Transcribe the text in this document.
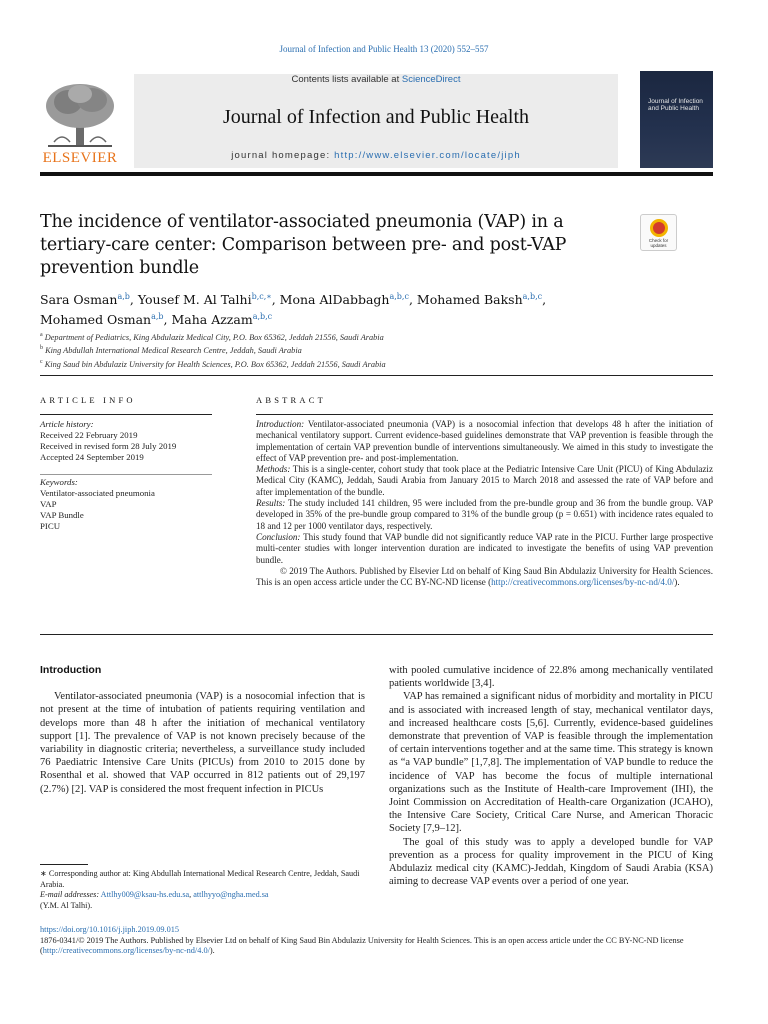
Journal of Infection and Public Health 13 (2020) 552–557
ELSEVIER
Contents lists available at ScienceDirect
Journal of Infection and Public Health
journal homepage: http://www.elsevier.com/locate/jiph
Journal of Infection and Public Health
The incidence of ventilator-associated pneumonia (VAP) in a tertiary-care center: Comparison between pre- and post-VAP prevention bundle
Check for
updates
Sara Osman$^{a,b}$, Yousef M. Al Talhi$^{b,c,∗}$, Mona AlDabbagh$^{a,b,c}$, Mohamed Baksh$^{a,b,c}$,
Mohamed Osman$^{a,b}$, Maha Azzam$^{a,b,c}$
$^a$ Department of Pediatrics, King Abdulaziz Medical City, P.O. Box 65362, Jeddah 21556, Saudi Arabia
$^b$ King Abdullah International Medical Research Centre, Jeddah, Saudi Arabia
$^c$ King Saud bin Abdulaziz University for Health Sciences, P.O. Box 65362, Jeddah 21556, Saudi Arabia
ARTICLE INFO
Article history:
Received 22 February 2019
Received in revised form 28 July 2019
Accepted 24 September 2019
Keywords:
Ventilator-associated pneumonia
VAP
VAP Bundle
PICU
ABSTRACT

Introduction: Ventilator-associated pneumonia (VAP) is a nosocomial infection that develops 48 h after the initiation of mechanical ventilatory support. Current evidence-based guidelines demonstrate that VAP prevention is feasible through the implementation of certain VAP prevention bundle of interventions simultaneously. We aimed in this study to investigate the effect of VAP prevention pre- and post-implementation.

Methods: This is a single-center, cohort study that took place at the Pediatric Intensive Care Unit (PICU) of King Abdulaziz Medical City (KAMC), Jeddah, Saudi Arabia from January 2015 to March 2018 and assessed the rate of VAP before and after implementation of the bundle.

Results: The study included 141 children, 95 were included from the pre-bundle group and 36 from the bundle group. VAP developed in 35% of the pre-bundle group compared to 31% of the bundle group (p = 0.651) with incidence rates equaled to 18 and 12 per 1000 ventilator days, respectively.

Conclusion: This study found that VAP bundle did not significantly reduce VAP rate in the PICU. Further large prospective multi-center studies with longer intervention duration are indicated to investigate the benefits of using VAP prevention bundle.

© 2019 The Authors. Published by Elsevier Ltd on behalf of King Saud Bin Abdulaziz University for Health Sciences. This is an open access article under the CC BY-NC-ND license (http://creativecommons.org/licenses/by-nc-nd/4.0/).

Introduction

Ventilator-associated pneumonia (VAP) is a nosocomial infection that is not present at the time of intubation of patients requiring ventilation and develops more than 48 h after the initiation of mechanical ventilatory support [1]. The prevalence of VAP is not known precisely because of the variability in diagnostic criteria; nevertheless, a surveillance study included 76 Paediatric Intensive Care Units (PICUs) from 2010 to 2015 done by Rosenthal et al. showed that VAP occurred in 812 patients out of 29,197 (2.7%) [2]. VAP is considered the most frequent infection in PICUs

with pooled cumulative incidence of 22.8% among mechanically ventilated patients worldwide [3,4].

VAP has remained a significant nidus of morbidity and mortality in PICU and is associated with increased length of stay, mechanical ventilator days, and increased healthcare costs [5,6]. Currently, evidence-based guidelines demonstrate that prevention of VAP is feasible through the implementation of certain interventions together and at the same time. This strategy is known as “a VAP bundle” [1,7,8]. The implementation of VAP bundle to reduce the incidence of VAP has become the focus of multiple international organizations such as the Institute of Health-care Improvement (IHI), the Joint Commission on Accreditation of Health-care Organization (JCAHO), the Intensive Care Society, Critical Care Nurse, and American Thoracic Society [7,9–12].

The goal of this study was to apply a developed bundle for VAP prevention as a process for quality improvement in the PICU of King Abdulaziz medical city (KAMC)-Jeddah, Kingdom of Saudi Arabia (KSA) aiming to decrease VAP events over a period of one year.

∗ Corresponding author at: King Abdullah International Medical Research Centre, Jeddah, Saudi Arabia.
E-mail addresses: Attlhy009@ksau-hs.edu.sa, attlhyyo@ngha.med.sa
(Y.M. Al Talhi).
https://doi.org/10.1016/j.jiph.2019.09.015
1876-0341/© 2019 The Authors. Published by Elsevier Ltd on behalf of King Saud Bin Abdulaziz University for Health Sciences. This is an open access article under the CC BY-NC-ND license (http://creativecommons.org/licenses/by-nc-nd/4.0/).
